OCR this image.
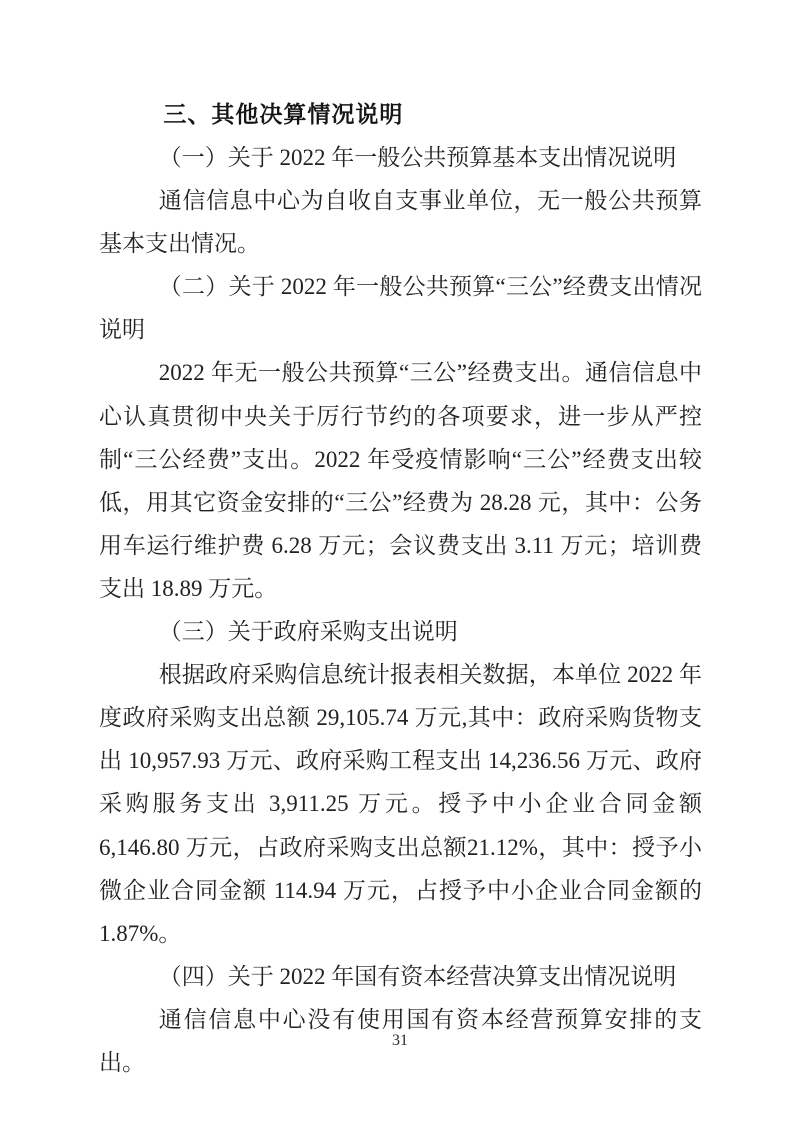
三、其他决算情况说明

（一）关于 2022 年一般公共预算基本支出情况说明

通信信息中心为自收自支事业单位，无一般公共预算基本支出情况。

（二）关于 2022 年一般公共预算“三公”经费支出情况说明

2022 年无一般公共预算“三公”经费支出。通信信息中心认真贯彻中央关于厉行节约的各项要求，进一步从严控制“三公经费”支出。2022 年受疫情影响“三公”经费支出较低，用其它资金安排的“三公”经费为 28.28 元，其中：公务用车运行维护费 6.28 万元；会议费支出 3.11 万元；培训费支出 18.89 万元。

（三）关于政府采购支出说明

根据政府采购信息统计报表相关数据，本单位 2022 年度政府采购支出总额 29,105.74 万元,其中：政府采购货物支出 10,957.93 万元、政府采购工程支出 14,236.56 万元、政府采购服务支出 3,911.25 万元。授予中小企业合同金额 6,146.80 万元，占政府采购支出总额21.12%，其中：授予小微企业合同金额 114.94 万元，占授予中小企业合同金额的 1.87%。

（四）关于 2022 年国有资本经营决算支出情况说明

通信信息中心没有使用国有资本经营预算安排的支出。

31
